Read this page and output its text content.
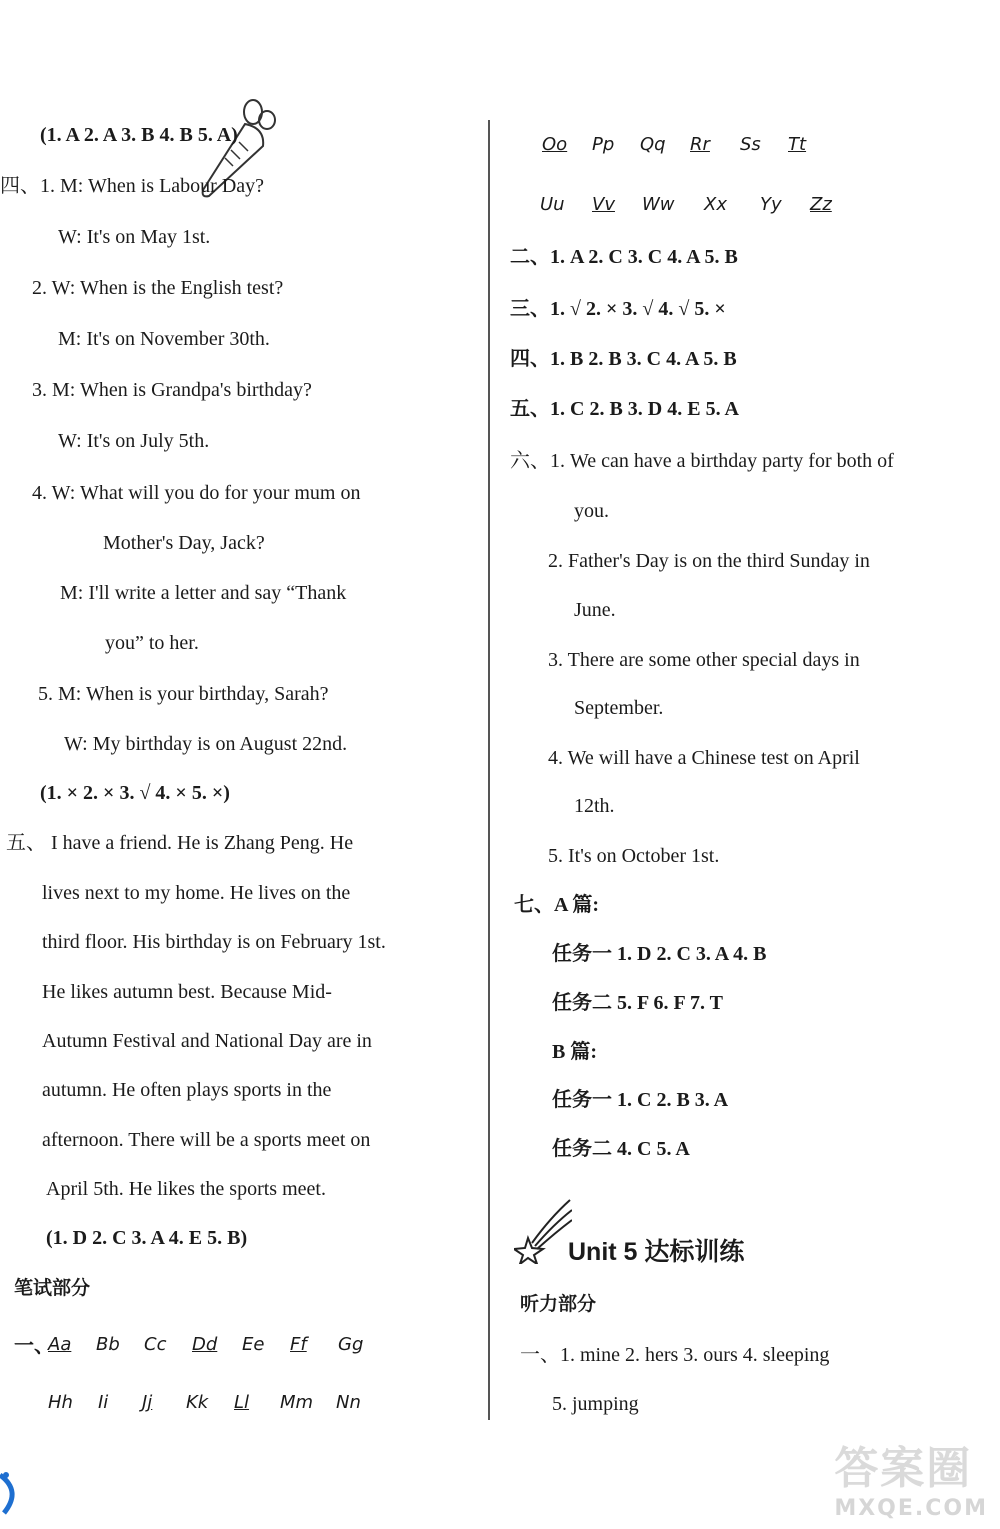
(1. A 2. A 3. B 4. B 5. A)
四、1. M: When is Labour Day?
W: It's on May 1st.
2. W: When is the English test?
M: It's on November 30th.
3. M: When is Grandpa's birthday?
W: It's on July 5th.
4. W: What will you do for your mum on
Mother's Day, Jack?
M: I'll write a letter and say “Thank
you” to her.
5. M: When is your birthday, Sarah?
W: My birthday is on August 22nd.
(1. × 2. × 3. √ 4. × 5. ×)
五、 I have a friend. He is Zhang Peng. He
lives next to my home. He lives on the
third floor. His birthday is on February 1st.
He likes autumn best. Because Mid-
Autumn Festival and National Day are in
autumn. He often plays sports in the
afternoon. There will be a sports meet on
April 5th. He likes the sports meet.
(1. D 2. C 3. A 4. E 5. B)
笔试部分
一、
Aa Bb Cc Dd Ee Ff Gg
Hh Ii Jj Kk Ll Mm Nn
Oo Pp Qq Rr Ss Tt
Uu Vv Ww Xx Yy Zz
二、1. A 2. C 3. C 4. A 5. B
三、1. √ 2. × 3. √ 4. √ 5. ×
四、1. B 2. B 3. C 4. A 5. B
五、1. C 2. B 3. D 4. E 5. A
六、1. We can have a birthday party for both of
you.
2. Father's Day is on the third Sunday in
June.
3. There are some other special days in
September.
4. We will have a Chinese test on April
12th.
5. It's on October 1st.
七、A 篇:
任务一 1. D 2. C 3. A 4. B
任务二 5. F 6. F 7. T
B 篇:
任务一 1. C 2. B 3. A
任务二 4. C 5. A
Unit 5 达标训练
听力部分
一、1. mine 2. hers 3. ours 4. sleeping
5. jumping
答案圈
MXQE.COM
